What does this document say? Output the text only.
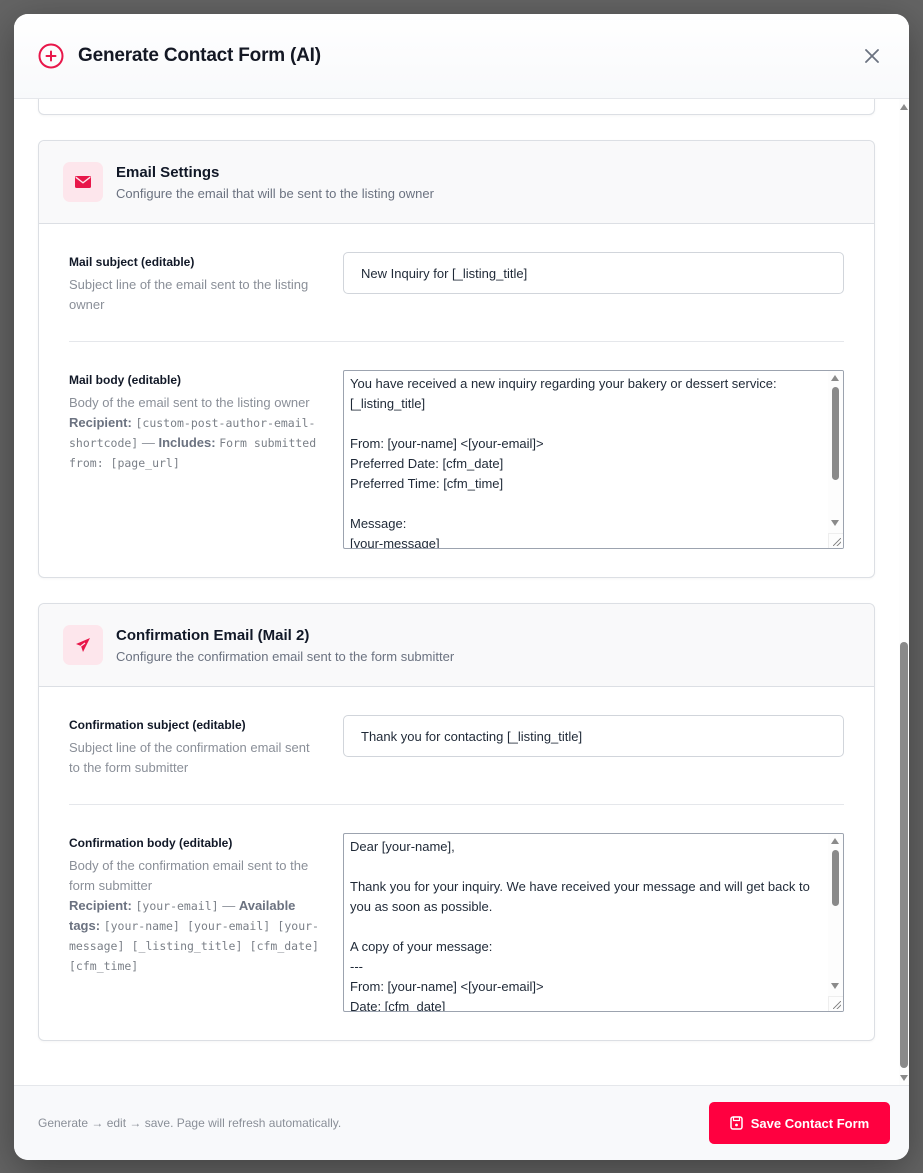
Generate Contact Form (AI)
Email Settings
Configure the email that will be sent to the listing owner
Mail subject (editable)
Subject line of the email sent to the listing owner
New Inquiry for [_listing_title]
Mail body (editable)
Body of the email sent to the listing owner
Recipient: [custom-post-author-email-shortcode] — Includes: Form submitted from: [page_url]
You have received a new inquiry regarding your bakery or dessert service: [_listing_title] From: [your-name] <[your-email]> Preferred Date: [cfm_date] Preferred Time: [cfm_time] Message: [your-message]
Confirmation Email (Mail 2)
Configure the confirmation email sent to the form submitter
Confirmation subject (editable)
Subject line of the confirmation email sent to the form submitter
Thank you for contacting [_listing_title]
Confirmation body (editable)
Body of the confirmation email sent to the form submitter
Recipient: [your-email] — Available tags: [your-name] [your-email] [your-message] [_listing_title] [cfm_date]  [cfm_time]
Dear [your-name], Thank you for your inquiry. We have received your message and will get back to you as soon as possible. A copy of your message: --- From: [your-name] <[your-email]> Date: [cfm_date]
Generate → edit → save. Page will refresh automatically.	Save Contact Form
